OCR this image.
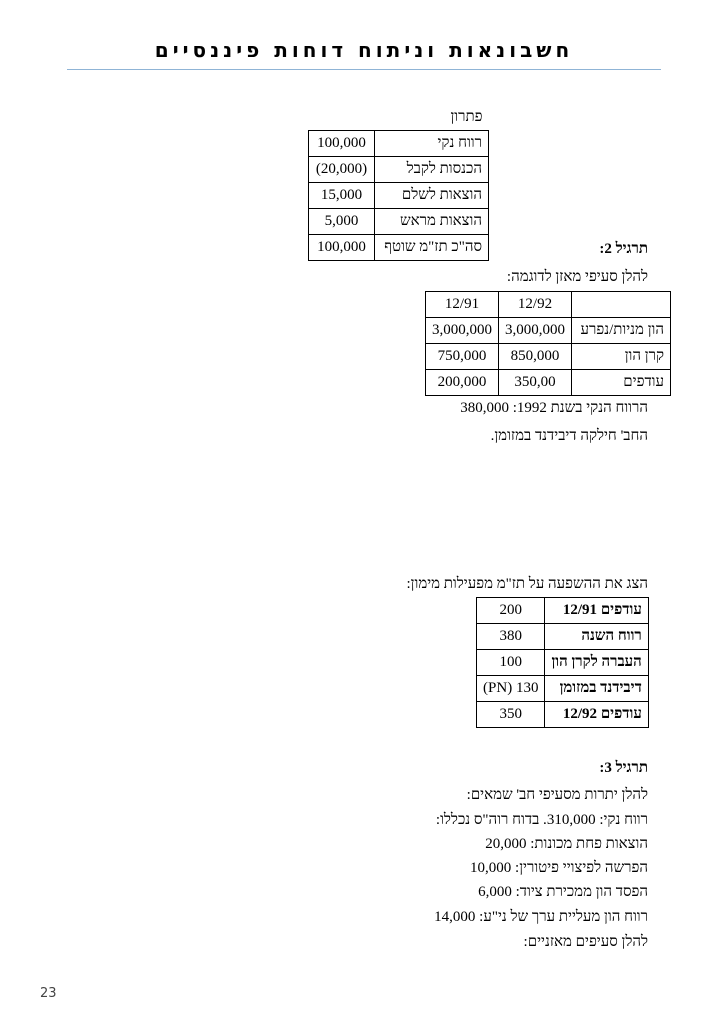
חשבונאות וניתוח דוחות פיננסיים
פתרון	
רווח נקי	100,000
הכנסות לקבל	(20,000)
הוצאות לשלם	15,000
הוצאות מראש	5,000
סה"כ תז"מ שוטף	100,000	תרגיל 2:
להלן סעיפי מאזן לדוגמה:
	12/92	12/91
הון מניות/נפרע	3,000,000	3,000,000
קרן הון	850,000	750,000
עודפים	350,00	200,000
הרווח הנקי בשנת 1992: 380,000
החב' חילקה דיבידנד במזומן.
הצג את ההשפעה על תז"מ מפעילות מימון:
עודפים 12/91	200
רווח השנה	380
העברה לקרן הון	100
דיבידנד במזומן	130 (PN)
עודפים 12/92	350
תרגיל 3:
להלן יתרות מסעיפי חב' שמאים:
רווח נקי: 310,000. בדוח רוה"ס נכללו:
הוצאות פחת מכונות: 20,000
הפרשה לפיצויי פיטורין: 10,000
הפסד הון ממכירת ציוד: 6,000
רווח הון מעליית ערך של ני"ע: 14,000
להלן סעיפים מאזניים:
23
